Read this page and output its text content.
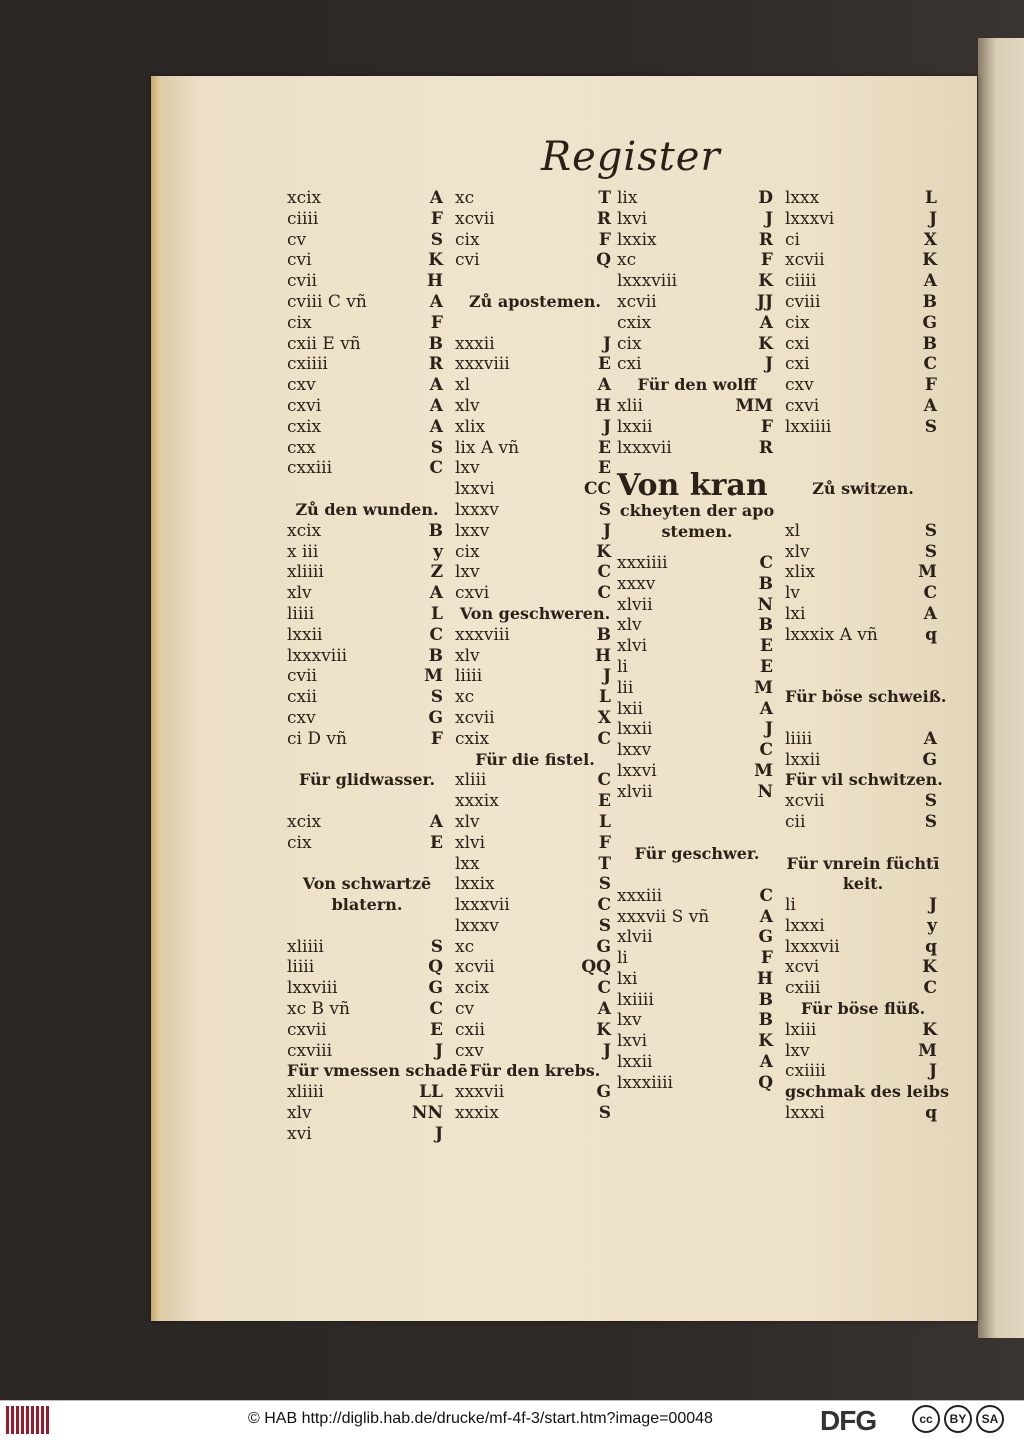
Register
xcix	A
ciiii	F
cv	S
cvi	K
cvii	H
cviii C vñ	A
cix	F
cxii E vñ	B
cxiiii	R
cxv	A
cxvi	A
cxix	A
cxx	S
cxxiii	C
Zů den wunden.
xcix	B
x iii	y
xliiii	Z
xlv	A
liiii	L
lxxii	C
lxxxviii	B
cvii	M
cxii	S
cxv	G
ci D vñ	F
Für glidwasser.
xcix	A
cix	E
Von schwartzē
blatern.
xliiii	S
liiii	Q
lxxviii	G
xc B vñ	C
cxvii	E
cxviii	J
Für vmessen schadē
xliiii	LL
xlv	NN
xvi	J
xc	T
xcvii	R
cix	F
cvi	Q
Zů apostemen.
xxxii	J
xxxviii	E
xl	A
xlv	H
xlix	J
lix A vñ	E
lxv	E
lxxvi	CC
lxxxv	S
lxxv	J
cix	K
lxv	C
cxvi	C
Von geschweren.
xxxviii	B
xlv	H
liiii	J
xc	L
xcvii	X
cxix	C
Für die fistel.
xliii	C
xxxix	E
xlv	L
xlvi	F
lxx	T
lxxix	S
lxxxvii	C
lxxxv	S
xc	G
xcvii	QQ
xcix	C
cv	A
cxii	K
cxv	J
Für den krebs.
xxxvii	G
xxxix	S
lix	D
lxvi	J
lxxix	R
xc	F
lxxxviii	K
xcvii	JJ
cxix	A
cix	K
cxi	J
Für den wolff
xlii	MM
lxxii	F
lxxxvii	R
Von kran
ckheyten der apo
stemen.
xxxiiii	C
xxxv	B
xlvii	N
xlv	B
xlvi	E
li	E
lii	M
lxii	A
lxxii	J
lxxv	C
lxxvi	M
xlvii	N
Für geschwer.
xxxiii	C
xxxvii S vñ	A
xlvii	G
li	F
lxi	H
lxiiii	B
lxv	B
lxvi	K
lxxii	A
lxxxiiii	Q
lxxx	L
lxxxvi	J
ci	X
xcvii	K
ciiii	A
cviii	B
cix	G
cxi	B
cxi	C
cxv	F
cxvi	A
lxxiiii	S
Zů switzen.
xl	S
xlv	S
xlix	M
lv	C
lxi	A
lxxxix A vñ	q
Für böse schweiß.
liiii	A
lxxii	G
Für vil schwitzen.
xcvii	S
cii	S
Für vnrein füchtī
keit.
li	J
lxxxi	y
lxxxvii	q
xcvi	K
cxiii	C
Für böse flüß.
lxiii	K
lxv	M
cxiiii	J
gschmak des leibs
lxxxi	q
© HAB http://diglib.hab.de/drucke/mf-4f-3/start.htm?image=00048	DFG	cc	BY	SA
